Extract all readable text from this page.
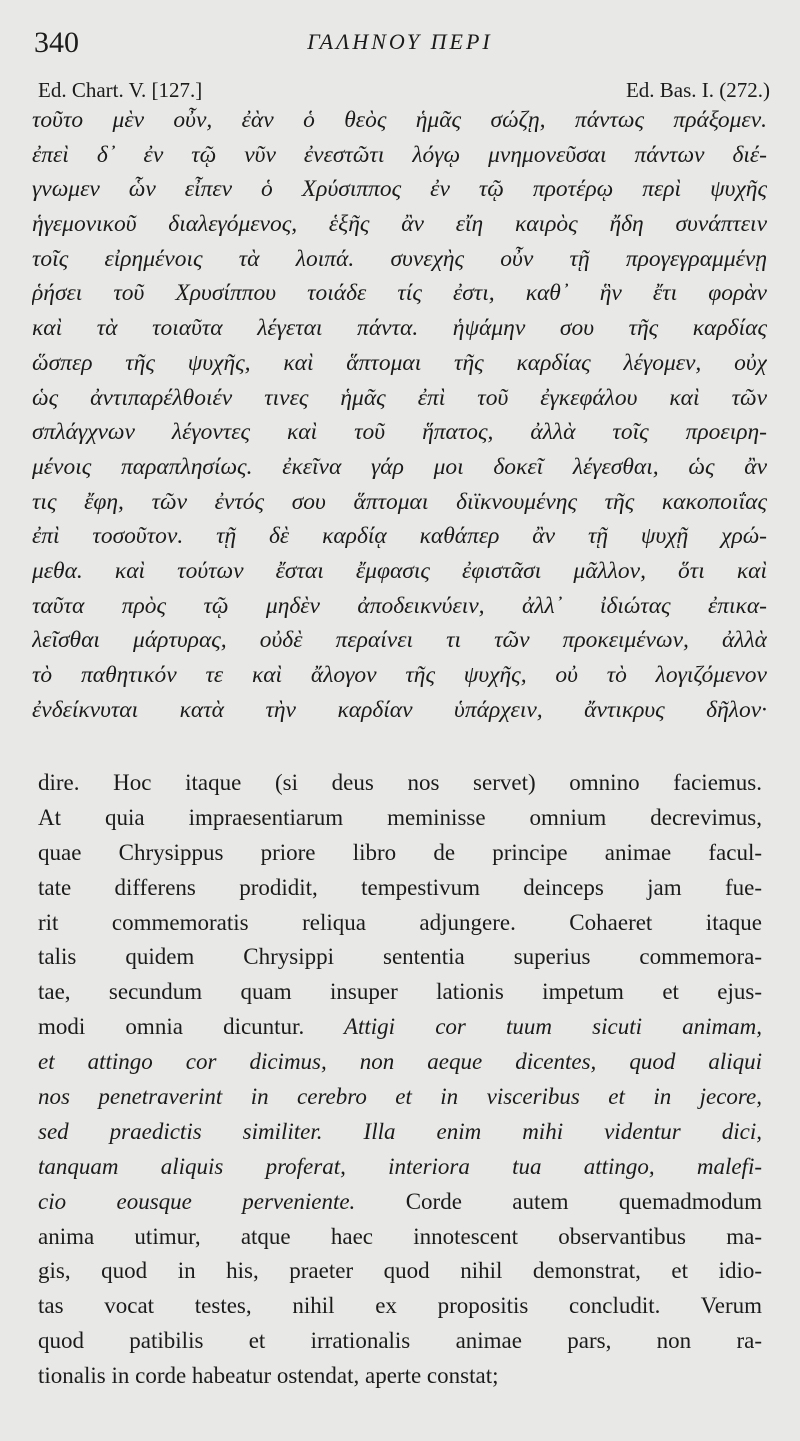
340	ΓΑΛΗΝΟΥ ΠΕΡΙ
Ed. Chart. V. [127.]	Ed. Bas. I. (272.)
τοῦτο μὲν οὖν, ἐὰν ὁ θεὸς ἡμᾶς σώζῃ, πάντως πράξομεν.
ἐπεὶ δ᾽ ἐν τῷ νῦν ἐνεστῶτι λόγῳ μνημονεῦσαι πάντων διέ-
γνωμεν ὧν εἶπεν ὁ Χρύσιππος ἐν τῷ προτέρῳ περὶ ψυχῆς
ἡγεμονικοῦ διαλεγόμενος, ἑξῆς ἂν εἴη καιρὸς ἤδη συνάπτειν
τοῖς εἰρημένοις τὰ λοιπά. συνεχὴς οὖν τῇ προγεγραμμένῃ
ῥήσει τοῦ Χρυσίππου τοιάδε τίς ἐστι, καθ᾽ ἣν ἔτι φορὰν
καὶ τὰ τοιαῦτα λέγεται πάντα. ἡψάμην σου τῆς καρδίας
ὥσπερ τῆς ψυχῆς, καὶ ἅπτομαι τῆς καρδίας λέγομεν, οὐχ
ὡς ἀντιπαρέλθοιέν τινες ἡμᾶς ἐπὶ τοῦ ἐγκεφάλου καὶ τῶν
σπλάγχνων λέγοντες καὶ τοῦ ἥπατος, ἀλλὰ τοῖς προειρη-
μένοις παραπλησίως. ἐκεῖνα γάρ μοι δοκεῖ λέγεσθαι, ὡς ἂν
τις ἔφη, τῶν ἐντός σου ἅπτομαι διϊκνουμένης τῆς κακοποιΐας
ἐπὶ τοσοῦτον. τῇ δὲ καρδίᾳ καθάπερ ἂν τῇ ψυχῇ χρώ-
μεθα. καὶ τούτων ἔσται ἔμφασις ἐφιστᾶσι μᾶλλον, ὅτι καὶ
ταῦτα πρὸς τῷ μηδὲν ἀποδεικνύειν, ἀλλ᾽ ἰδιώτας ἐπικα-
λεῖσθαι μάρτυρας, οὐδὲ περαίνει τι τῶν προκειμένων, ἀλλὰ
τὸ παθητικόν τε καὶ ἄλογον τῆς ψυχῆς, οὐ τὸ λογιζόμενον
ἐνδείκνυται κατὰ τὴν καρδίαν ὑπάρχειν, ἄντικρυς δῆλον·
dire. Hoc itaque (si deus nos servet) omnino faciemus.
At quia impraesentiarum meminisse omnium decrevimus,
quae Chrysippus priore libro de principe animae facul-
tate differens prodidit, tempestivum deinceps jam fue-
rit commemoratis reliqua adjungere. Cohaeret itaque
talis quidem Chrysippi sententia superius commemora-
tae, secundum quam insuper lationis impetum et ejus-
modi omnia dicuntur. Attigi cor tuum sicuti animam,
et attingo cor dicimus, non aeque dicentes, quod aliqui
nos penetraverint in cerebro et in visceribus et in jecore,
sed praedictis similiter. Illa enim mihi videntur dici,
tanquam aliquis proferat, interiora tua attingo, malefi-
cio eousque perveniente. Corde autem quemadmodum
anima utimur, atque haec innotescent observantibus ma-
gis, quod in his, praeter quod nihil demonstrat, et idio-
tas vocat testes, nihil ex propositis concludit. Verum
quod patibilis et irrationalis animae pars, non ra-
tionalis in corde habeatur ostendat, aperte constat;
